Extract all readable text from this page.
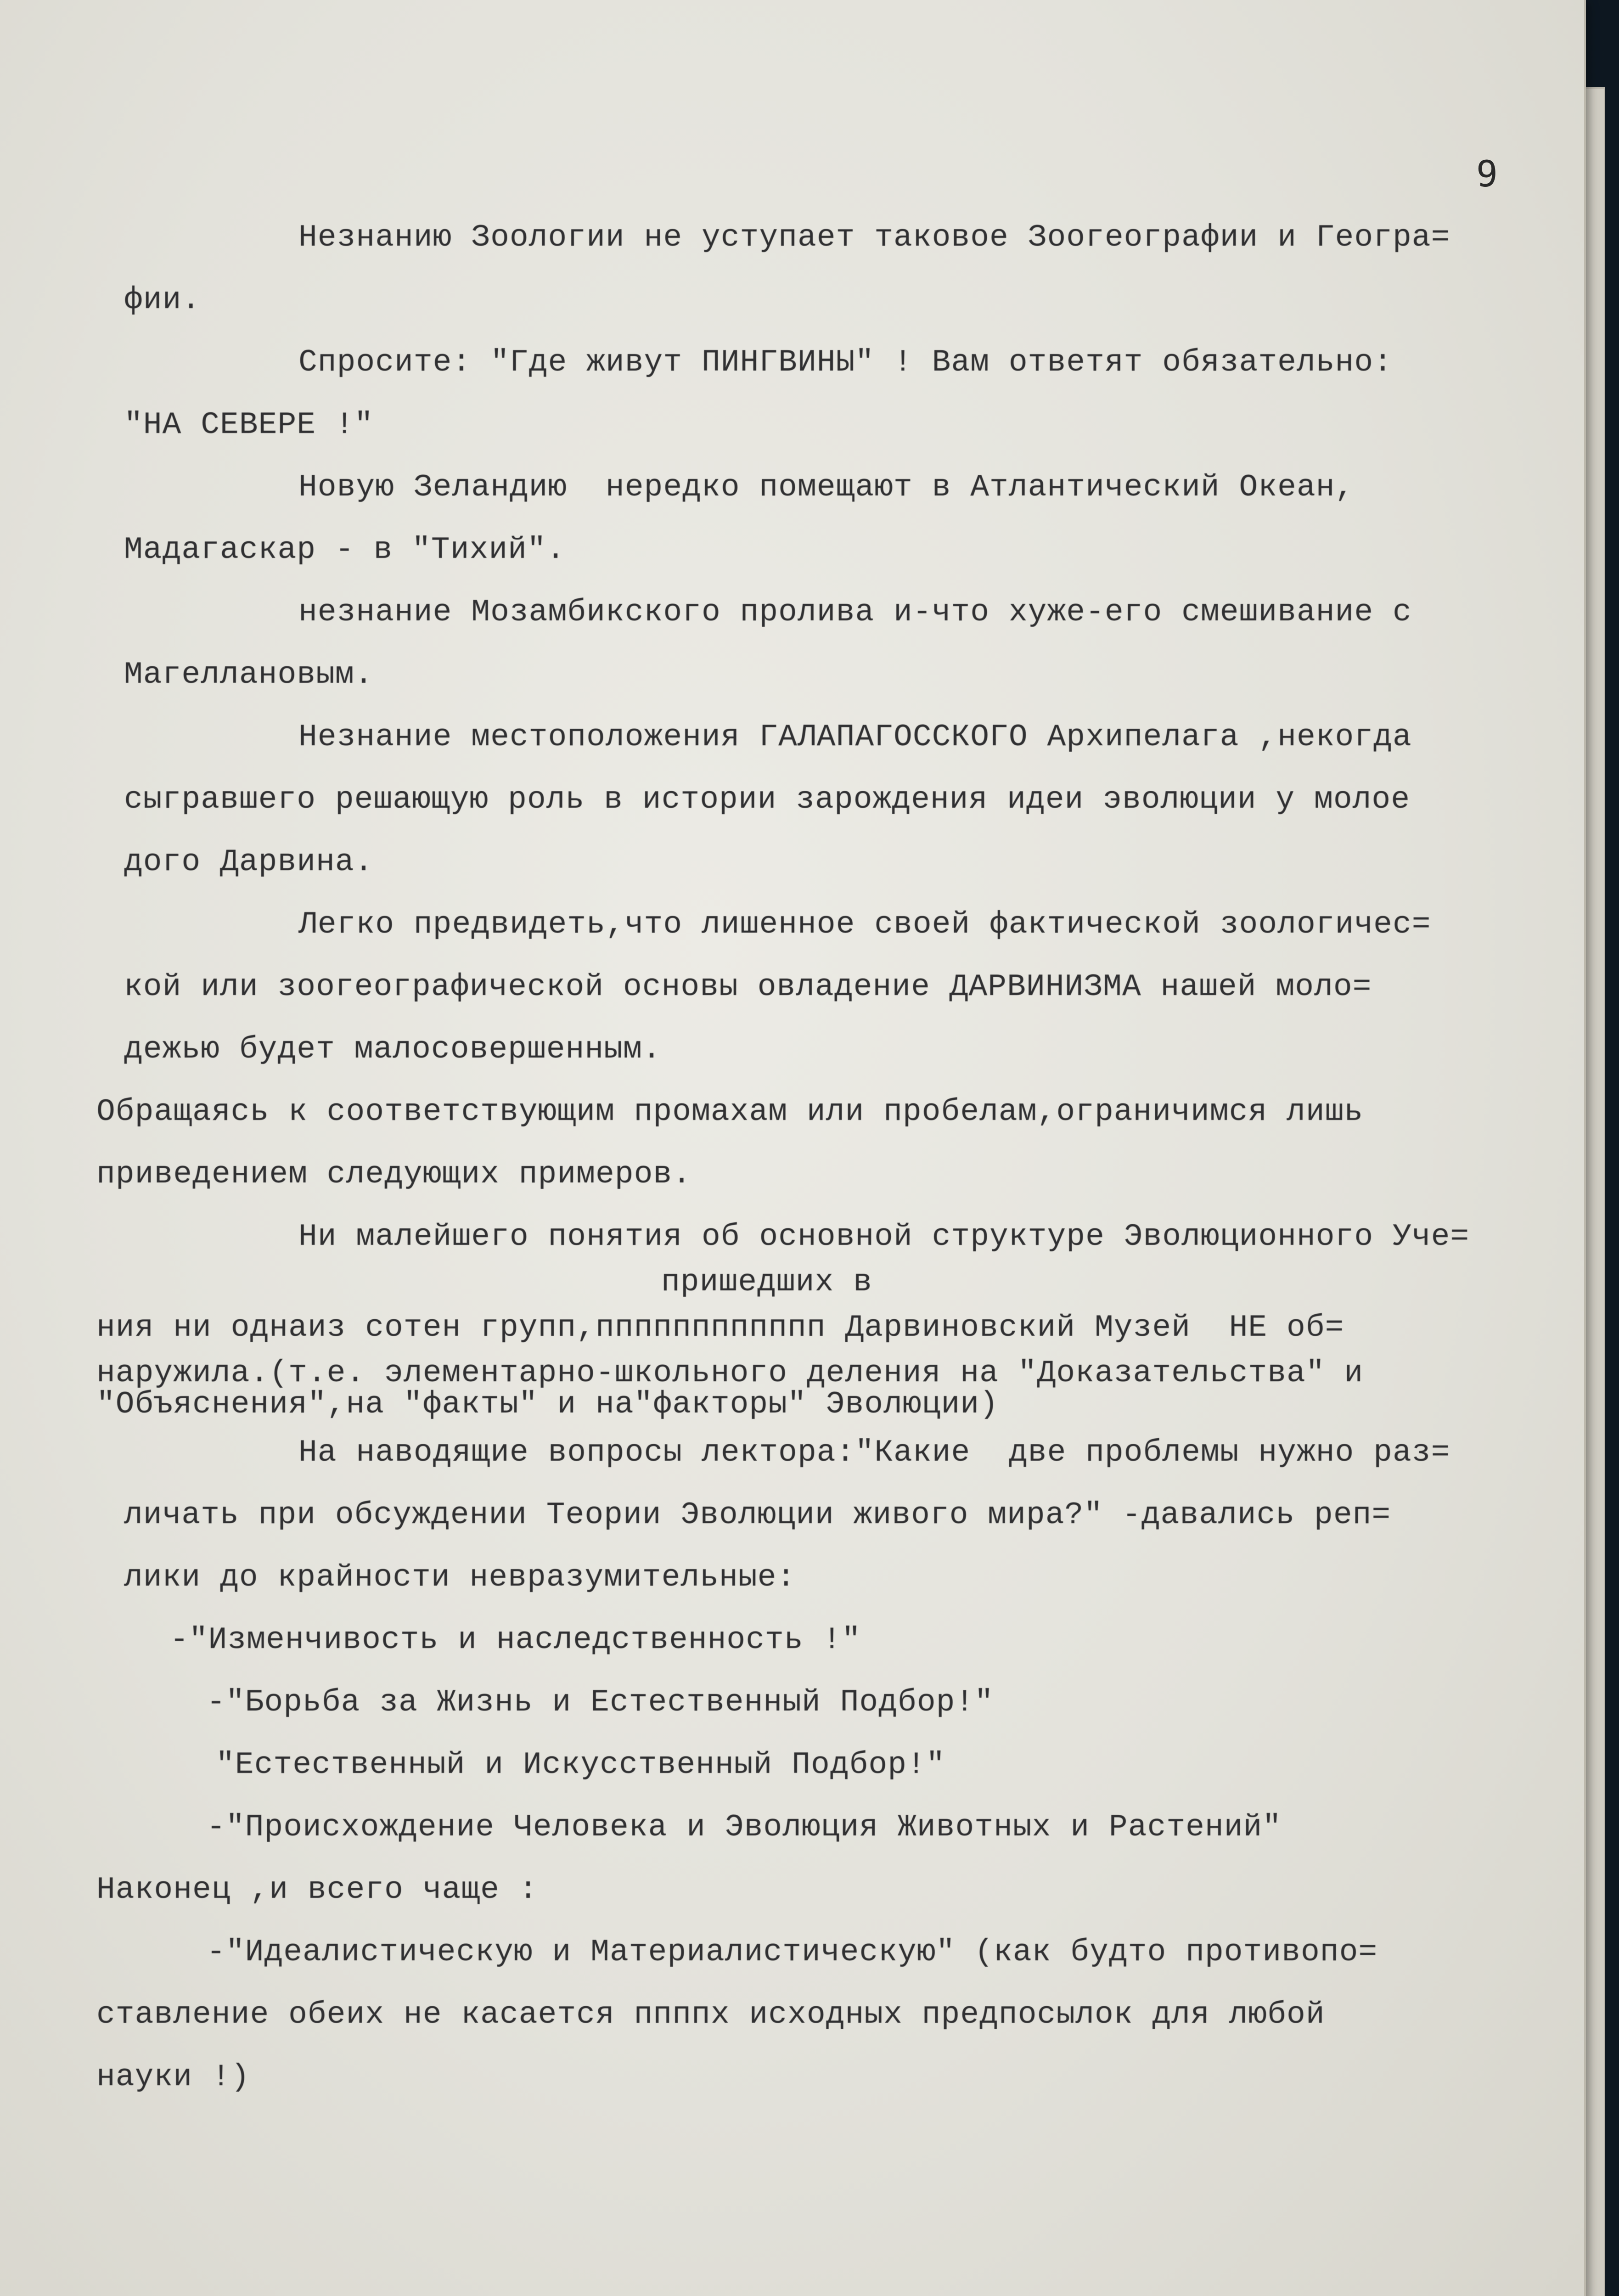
9
Незнанию Зоологии не уступает таковое Зоогеографии и Геогра=
фии.
Спросите: "Где живут ПИНГВИНЫ" ! Вам ответят обязательно:
"НА СЕВЕРЕ !"
Новую Зеландию  нередко помещают в Атлантический Океан,
Мадагаскар - в "Тихий".
незнание Мозамбикского пролива и-что хуже-его смешивание с
Магеллановым.
Незнание местоположения ГАЛАПАГОССКОГО Архипелага ,некогда
сыгравшего решающую роль в истории зарождения идеи эволюции у молое
дого Дарвина.
Легко предвидеть,что лишенное своей фактической зоологичес=
кой или зоогеографической основы овладение ДАРВИНИЗМА нашей моло=
дежью будет малосовершенным.
Обращаясь к соответствующим промахам или пробелам,ограничимся лишь
приведением следующих примеров.
Ни малейшего понятия об основной структуре Эволюционного Уче=
пришедших в
ния ни однаиз сотен групп,пппппппппппп Дарвиновский Музей  НЕ об=
наружила.(т.е. элементарно-школьного деления на "Доказательства" и
"Объяснения",на "факты" и на"факторы" Эволюции)
На наводящие вопросы лектора:"Какие  две проблемы нужно раз=
личать при обсуждении Теории Эволюции живого мира?" -давались реп=
лики до крайности невразумительные:
-"Изменчивость и наследственность !"
-"Борьба за Жизнь и Естественный Подбор!"
"Естественный и Искусственный Подбор!"
-"Происхождение Человека и Эволюция Животных и Растений"
Наконец ,и всего чаще :
-"Идеалистическую и Материалистическую" (как будто противопо=
ставление обеих не касается ппппх исходных предпосылок для любой
науки !)
